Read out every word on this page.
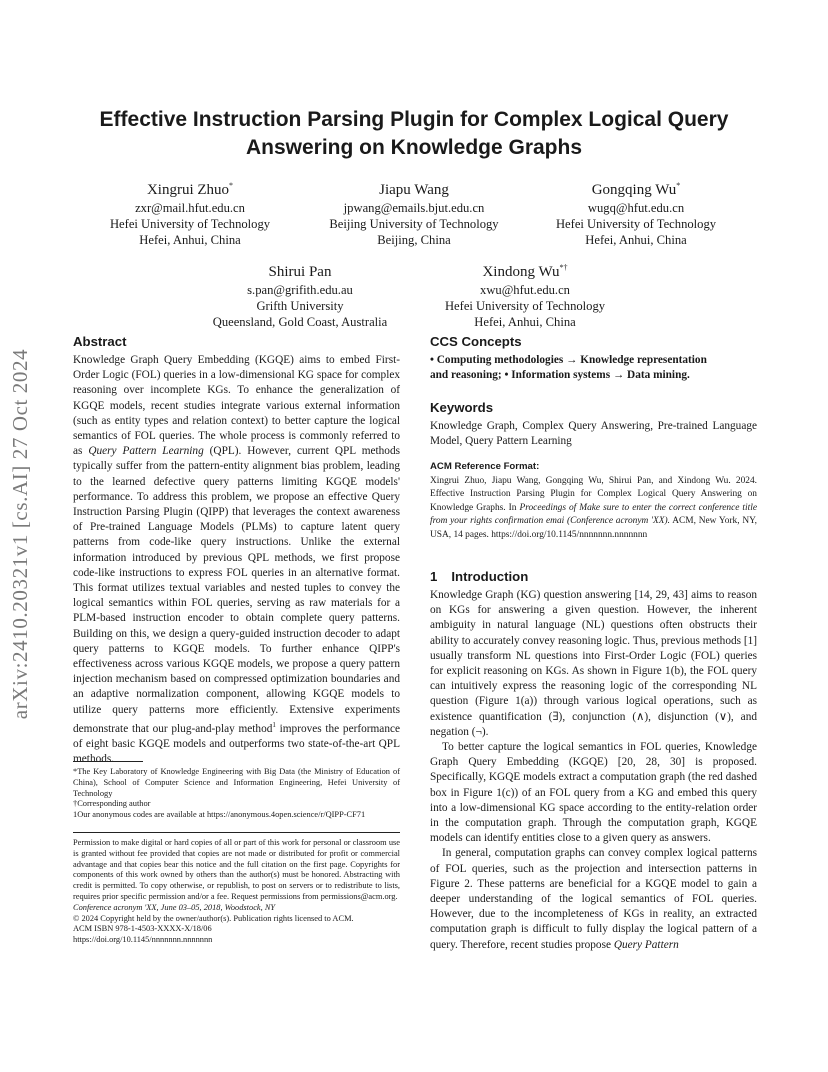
arXiv:2410.20321v1 [cs.AI] 27 Oct 2024
Effective Instruction Parsing Plugin for Complex Logical Query Answering on Knowledge Graphs
Xingrui Zhuo*
zxr@mail.hfut.edu.cn
Hefei University of Technology
Hefei, Anhui, China
Jiapu Wang
jpwang@emails.bjut.edu.cn
Beijing University of Technology
Beijing, China
Gongqing Wu*
wugq@hfut.edu.cn
Hefei University of Technology
Hefei, Anhui, China
Shirui Pan
s.pan@grifith.edu.au
Grifth University
Queensland, Gold Coast, Australia
Xindong Wu*†
xwu@hfut.edu.cn
Hefei University of Technology
Hefei, Anhui, China
Abstract

Knowledge Graph Query Embedding (KGQE) aims to embed First-Order Logic (FOL) queries in a low-dimensional KG space for complex reasoning over incomplete KGs. To enhance the generalization of KGQE models, recent studies integrate various external information (such as entity types and relation context) to better capture the logical semantics of FOL queries. The whole process is commonly referred to as Query Pattern Learning (QPL). However, current QPL methods typically suffer from the pattern-entity alignment bias problem, leading to the learned defective query patterns limiting KGQE models' performance. To address this problem, we propose an effective Query Instruction Parsing Plugin (QIPP) that leverages the context awareness of Pre-trained Language Models (PLMs) to capture latent query patterns from code-like query instructions. Unlike the external information introduced by previous QPL methods, we first propose code-like instructions to express FOL queries in an alternative format. This format utilizes textual variables and nested tuples to convey the logical semantics within FOL queries, serving as raw materials for a PLM-based instruction encoder to obtain complete query patterns. Building on this, we design a query-guided instruction decoder to adapt query patterns to KGQE models. To further enhance QIPP's effectiveness across various KGQE models, we propose a query pattern injection mechanism based on compressed optimization boundaries and an adaptive normalization component, allowing KGQE models to utilize query patterns more efficiently. Extensive experiments demonstrate that our plug-and-play method$^1$ improves the performance of eight basic KGQE models and outperforms two state-of-the-art QPL methods.

*The Key Laboratory of Knowledge Engineering with Big Data (the Ministry of Education of China), School of Computer Science and Information Engineering, Hefei University of Technology

†Corresponding author

1Our anonymous codes are available at https://anonymous.4open.science/r/QIPP-CF71

Permission to make digital or hard copies of all or part of this work for personal or classroom use is granted without fee provided that copies are not made or distributed for profit or commercial advantage and that copies bear this notice and the full citation on the first page. Copyrights for components of this work owned by others than the author(s) must be honored. Abstracting with credit is permitted. To copy otherwise, or republish, to post on servers or to redistribute to lists, requires prior specific permission and/or a fee. Request permissions from permissions@acm.org.

Conference acronym 'XX, June 03–05, 2018, Woodstock, NY

© 2024 Copyright held by the owner/author(s). Publication rights licensed to ACM.

ACM ISBN 978-1-4503-XXXX-X/18/06

https://doi.org/10.1145/nnnnnnn.nnnnnnn

CCS Concepts

• Computing methodologies → Knowledge representation

and reasoning; • Information systems → Data mining.

Keywords
Knowledge Graph, Complex Query Answering, Pre-trained Language Model, Query Pattern Learning
ACM Reference Format:
Xingrui Zhuo, Jiapu Wang, Gongqing Wu, Shirui Pan, and Xindong Wu. 2024. Effective Instruction Parsing Plugin for Complex Logical Query Answering on Knowledge Graphs. In Proceedings of Make sure to enter the correct conference title from your rights confirmation emai (Conference acronym 'XX). ACM, New York, NY, USA, 14 pages. https://doi.org/10.1145/nnnnnnn.nnnnnnn
1 Introduction

Knowledge Graph (KG) question answering [14, 29, 43] aims to reason on KGs for answering a given question. However, the inherent ambiguity in natural language (NL) questions often obstructs their ability to accurately convey reasoning logic. Thus, previous methods [1] usually transform NL questions into First-Order Logic (FOL) queries for explicit reasoning on KGs. As shown in Figure 1(b), the FOL query can intuitively express the reasoning logic of the corresponding NL question (Figure 1(a)) through various logical operations, such as existence quantification (∃), conjunction (∧), disjunction (∨), and negation (¬).

To better capture the logical semantics in FOL queries, Knowledge Graph Query Embedding (KGQE) [20, 28, 30] is proposed. Specifically, KGQE models extract a computation graph (the red dashed box in Figure 1(c)) of an FOL query from a KG and embed this query into a low-dimensional KG space according to the entity-relation order in the computation graph. Through the computation graph, KGQE models can identify entities close to a given query as answers.

In general, computation graphs can convey complex logical patterns of FOL queries, such as the projection and intersection patterns in Figure 2. These patterns are beneficial for a KGQE model to gain a deeper understanding of the logical semantics of FOL queries. However, due to the incompleteness of KGs in reality, an extracted computation graph is difficult to fully display the logical pattern of a query. Therefore, recent studies propose Query Pattern
